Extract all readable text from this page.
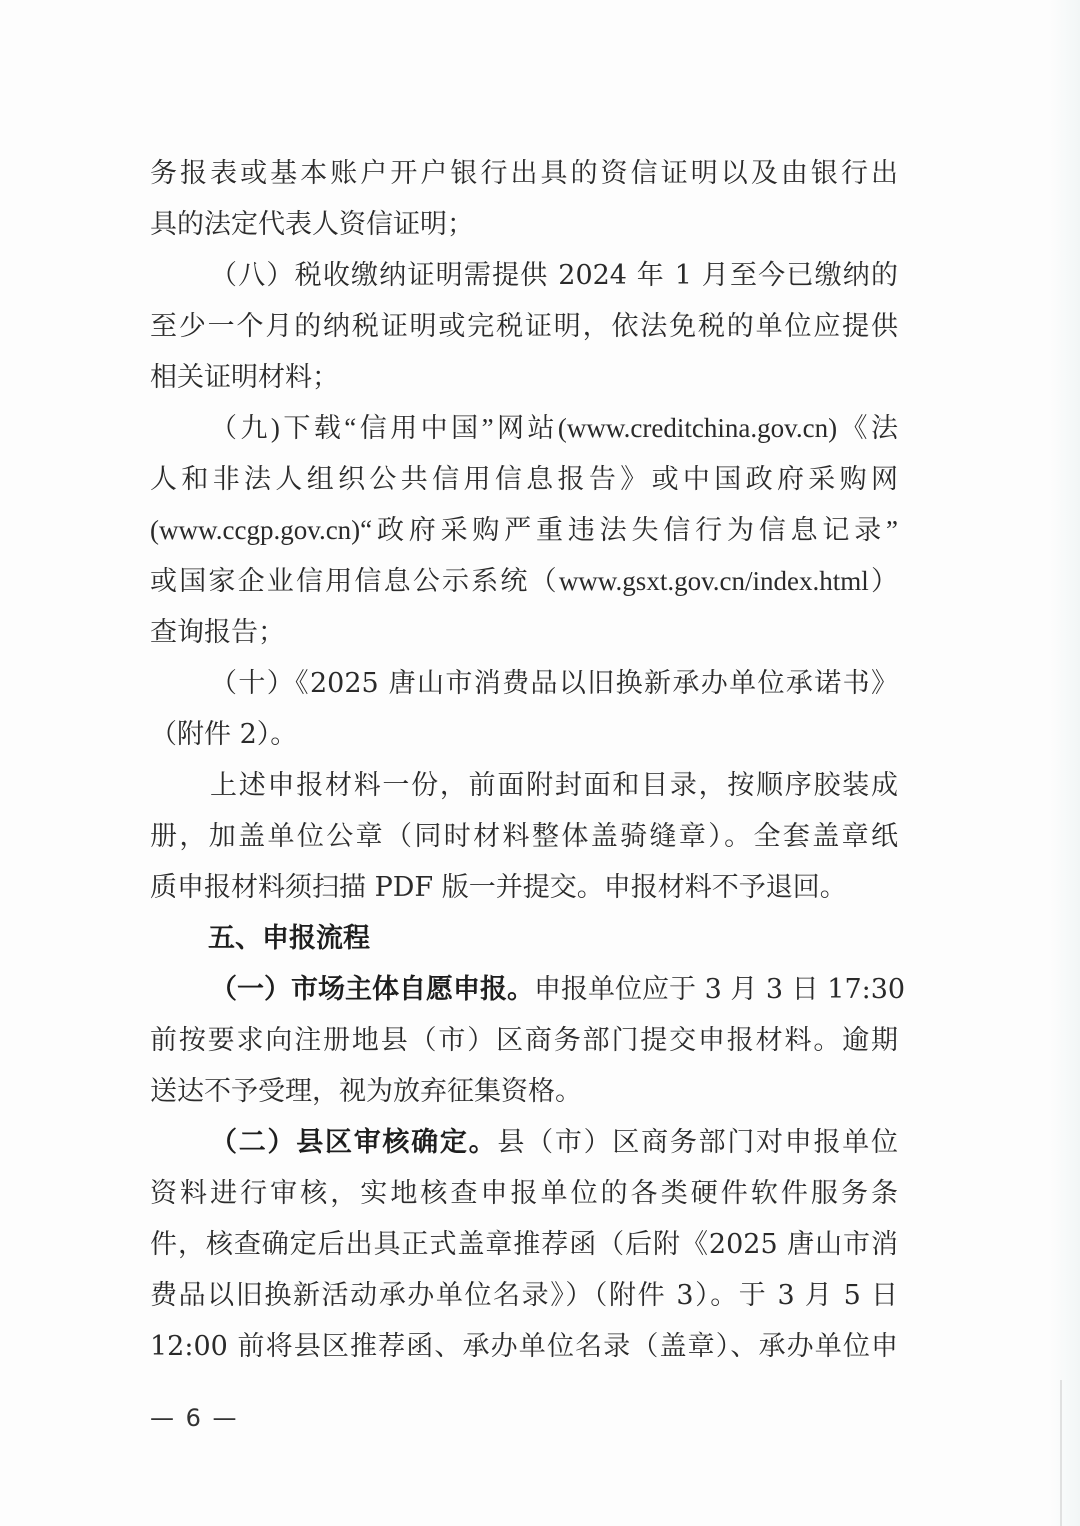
务报表或基本账户开户银行出具的资信证明以及由银行出
具的法定代表人资信证明；
（八）税收缴纳证明需提供 2024 年 1 月至今已缴纳的
至少一个月的纳税证明或完税证明，依法免税的单位应提供
相关证明材料；
（九)下载“信用中国”网站(www.creditchina.gov.cn)《法
人和非法人组织公共信用信息报告》或中国政府采购网
(www.ccgp.gov.cn)“政府采购严重违法失信行为信息记录”
或国家企业信用信息公示系统（www.gsxt.gov.cn/index.html）
查询报告；
（十）《2025 唐山市消费品以旧换新承办单位承诺书》
（附件 2）。
上述申报材料一份，前面附封面和目录，按顺序胶装成
册，加盖单位公章（同时材料整体盖骑缝章）。全套盖章纸
质申报材料须扫描 PDF 版一并提交。申报材料不予退回。
五、申报流程
（一）市场主体自愿申报。申报单位应于 3 月 3 日 17:30
前按要求向注册地县（市）区商务部门提交申报材料。逾期
送达不予受理，视为放弃征集资格。
（二）县区审核确定。县（市）区商务部门对申报单位
资料进行审核，实地核查申报单位的各类硬件软件服务条
件，核查确定后出具正式盖章推荐函（后附《2025 唐山市消
费品以旧换新活动承办单位名录》）（附件 3）。于 3 月 5 日
12:00 前将县区推荐函、承办单位名录（盖章）、承办单位申
— 6 —
